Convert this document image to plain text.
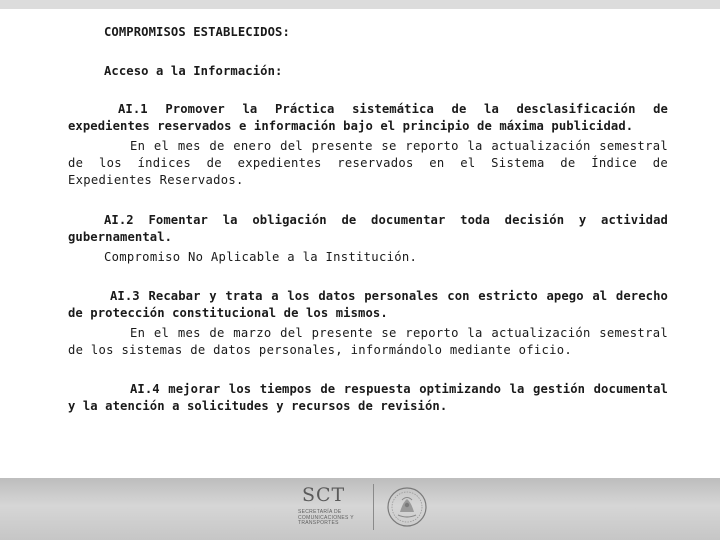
COMPROMISOS ESTABLECIDOS:
Acceso a la Información:

AI.1 Promover la Práctica sistemática de la desclasificación de expedientes reservados e información bajo el principio de máxima publicidad.

En el mes de enero del presente se reporto la actualización semestral de los índices de expedientes reservados en el Sistema de Índice de Expedientes Reservados.

AI.2 Fomentar la obligación de documentar toda decisión y actividad gubernamental.

Compromiso No Aplicable a la Institución.

AI.3 Recabar y trata a los datos personales con estricto apego al derecho de protección constitucional de los mismos.

En el mes de marzo del presente se reporto la actualización semestral de los sistemas de datos personales, informándolo mediante oficio.

AI.4 mejorar los tiempos de respuesta optimizando la gestión documental y la atención a solicitudes y recursos de revisión.

SCT
SECRETARÍA DE COMUNICACIONES Y TRANSPORTES
